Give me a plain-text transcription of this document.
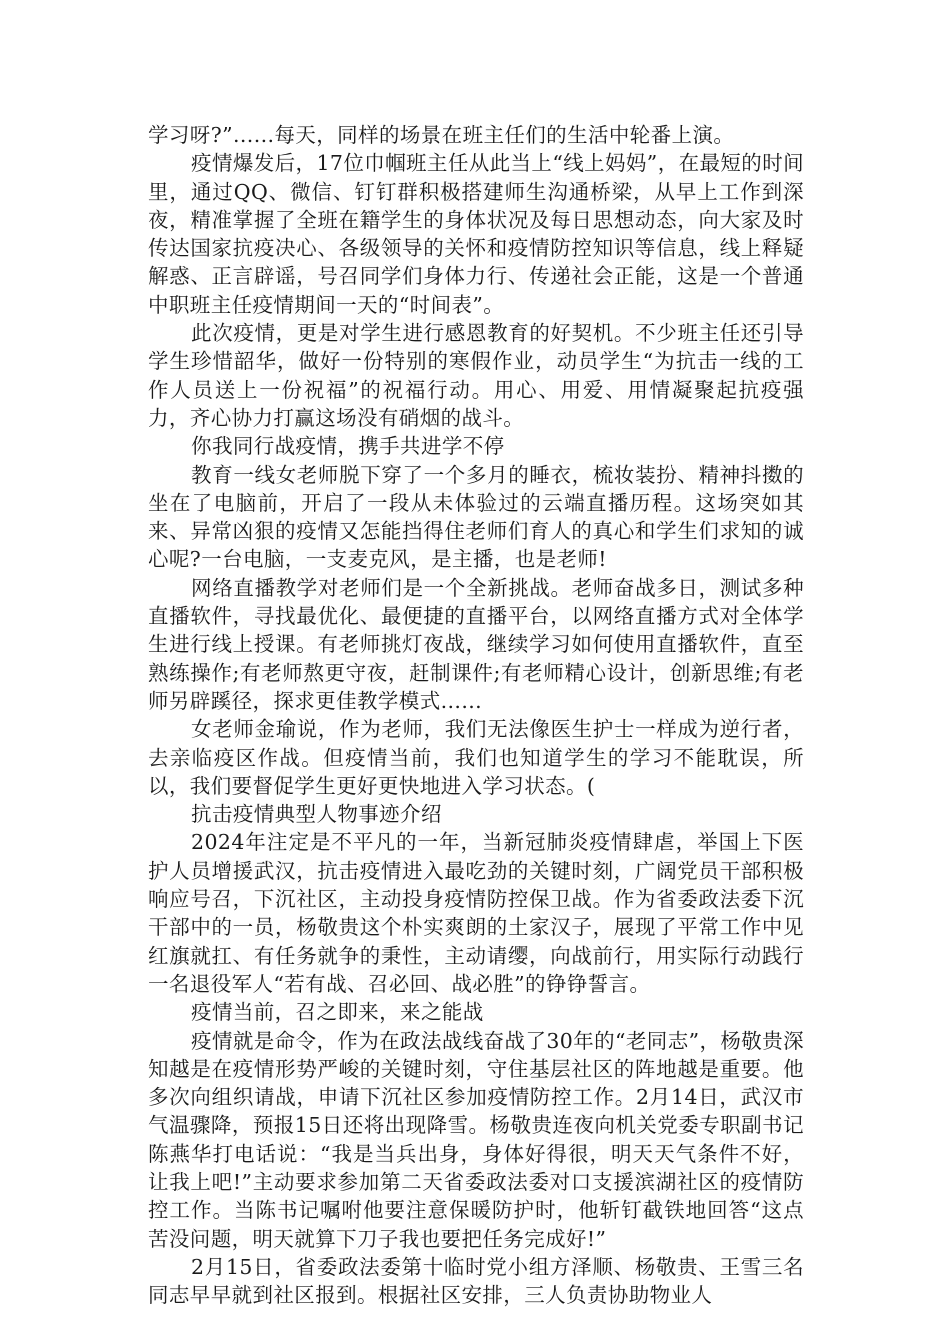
学习呀?”......每天，同样的场景在班主任们的生活中轮番上演。

疫情爆发后，17位巾帼班主任从此当上“线上妈妈”，在最短的时间里，通过QQ、微信、钉钉群积极搭建师生沟通桥梁，从早上工作到深夜，精准掌握了全班在籍学生的身体状况及每日思想动态，向大家及时传达国家抗疫决心、各级领导的关怀和疫情防控知识等信息，线上释疑解惑、正言辟谣，号召同学们身体力行、传递社会正能，这是一个普通中职班主任疫情期间一天的“时间表”。

此次疫情，更是对学生进行感恩教育的好契机。不少班主任还引导学生珍惜韶华，做好一份特别的寒假作业，动员学生“为抗击一线的工作人员送上一份祝福”的祝福行动。用心、用爱、用情凝聚起抗疫强力，齐心协力打赢这场没有硝烟的战斗。

你我同行战疫情，携手共进学不停

教育一线女老师脱下穿了一个多月的睡衣，梳妆装扮、精神抖擞的坐在了电脑前，开启了一段从未体验过的云端直播历程。这场突如其来、异常凶狠的疫情又怎能挡得住老师们育人的真心和学生们求知的诚心呢?一台电脑，一支麦克风，是主播，也是老师!

网络直播教学对老师们是一个全新挑战。老师奋战多日，测试多种直播软件，寻找最优化、最便捷的直播平台，以网络直播方式对全体学生进行线上授课。有老师挑灯夜战，继续学习如何使用直播软件，直至熟练操作;有老师熬更守夜，赶制课件;有老师精心设计，创新思维;有老师另辟蹊径，探求更佳教学模式......

女老师金瑜说，作为老师，我们无法像医生护士一样成为逆行者，去亲临疫区作战。但疫情当前，我们也知道学生的学习不能耽误，所以，我们要督促学生更好更快地进入学习状态。(

抗击疫情典型人物事迹介绍

2024年注定是不平凡的一年，当新冠肺炎疫情肆虐，举国上下医护人员增援武汉，抗击疫情进入最吃劲的关键时刻，广阔党员干部积极响应号召，下沉社区，主动投身疫情防控保卫战。作为省委政法委下沉干部中的一员，杨敬贵这个朴实爽朗的土家汉子，展现了平常工作中见红旗就扛、有任务就争的秉性，主动请缨，向战前行，用实际行动践行一名退役军人“若有战、召必回、战必胜”的铮铮誓言。

疫情当前，召之即来，来之能战

疫情就是命令，作为在政法战线奋战了30年的“老同志”，杨敬贵深知越是在疫情形势严峻的关键时刻，守住基层社区的阵地越是重要。他多次向组织请战，申请下沉社区参加疫情防控工作。2月14日，武汉市气温骤降，预报15日还将出现降雪。杨敬贵连夜向机关党委专职副书记陈燕华打电话说：“我是当兵出身，身体好得很，明天天气条件不好，让我上吧!”主动要求参加第二天省委政法委对口支援滨湖社区的疫情防控工作。当陈书记嘱咐他要注意保暖防护时，他斩钉截铁地回答“这点苦没问题，明天就算下刀子我也要把任务完成好!”

2月15日，省委政法委第十临时党小组方泽顺、杨敬贵、王雪三名同志早早就到社区报到。根据社区安排，三人负责协助物业人
